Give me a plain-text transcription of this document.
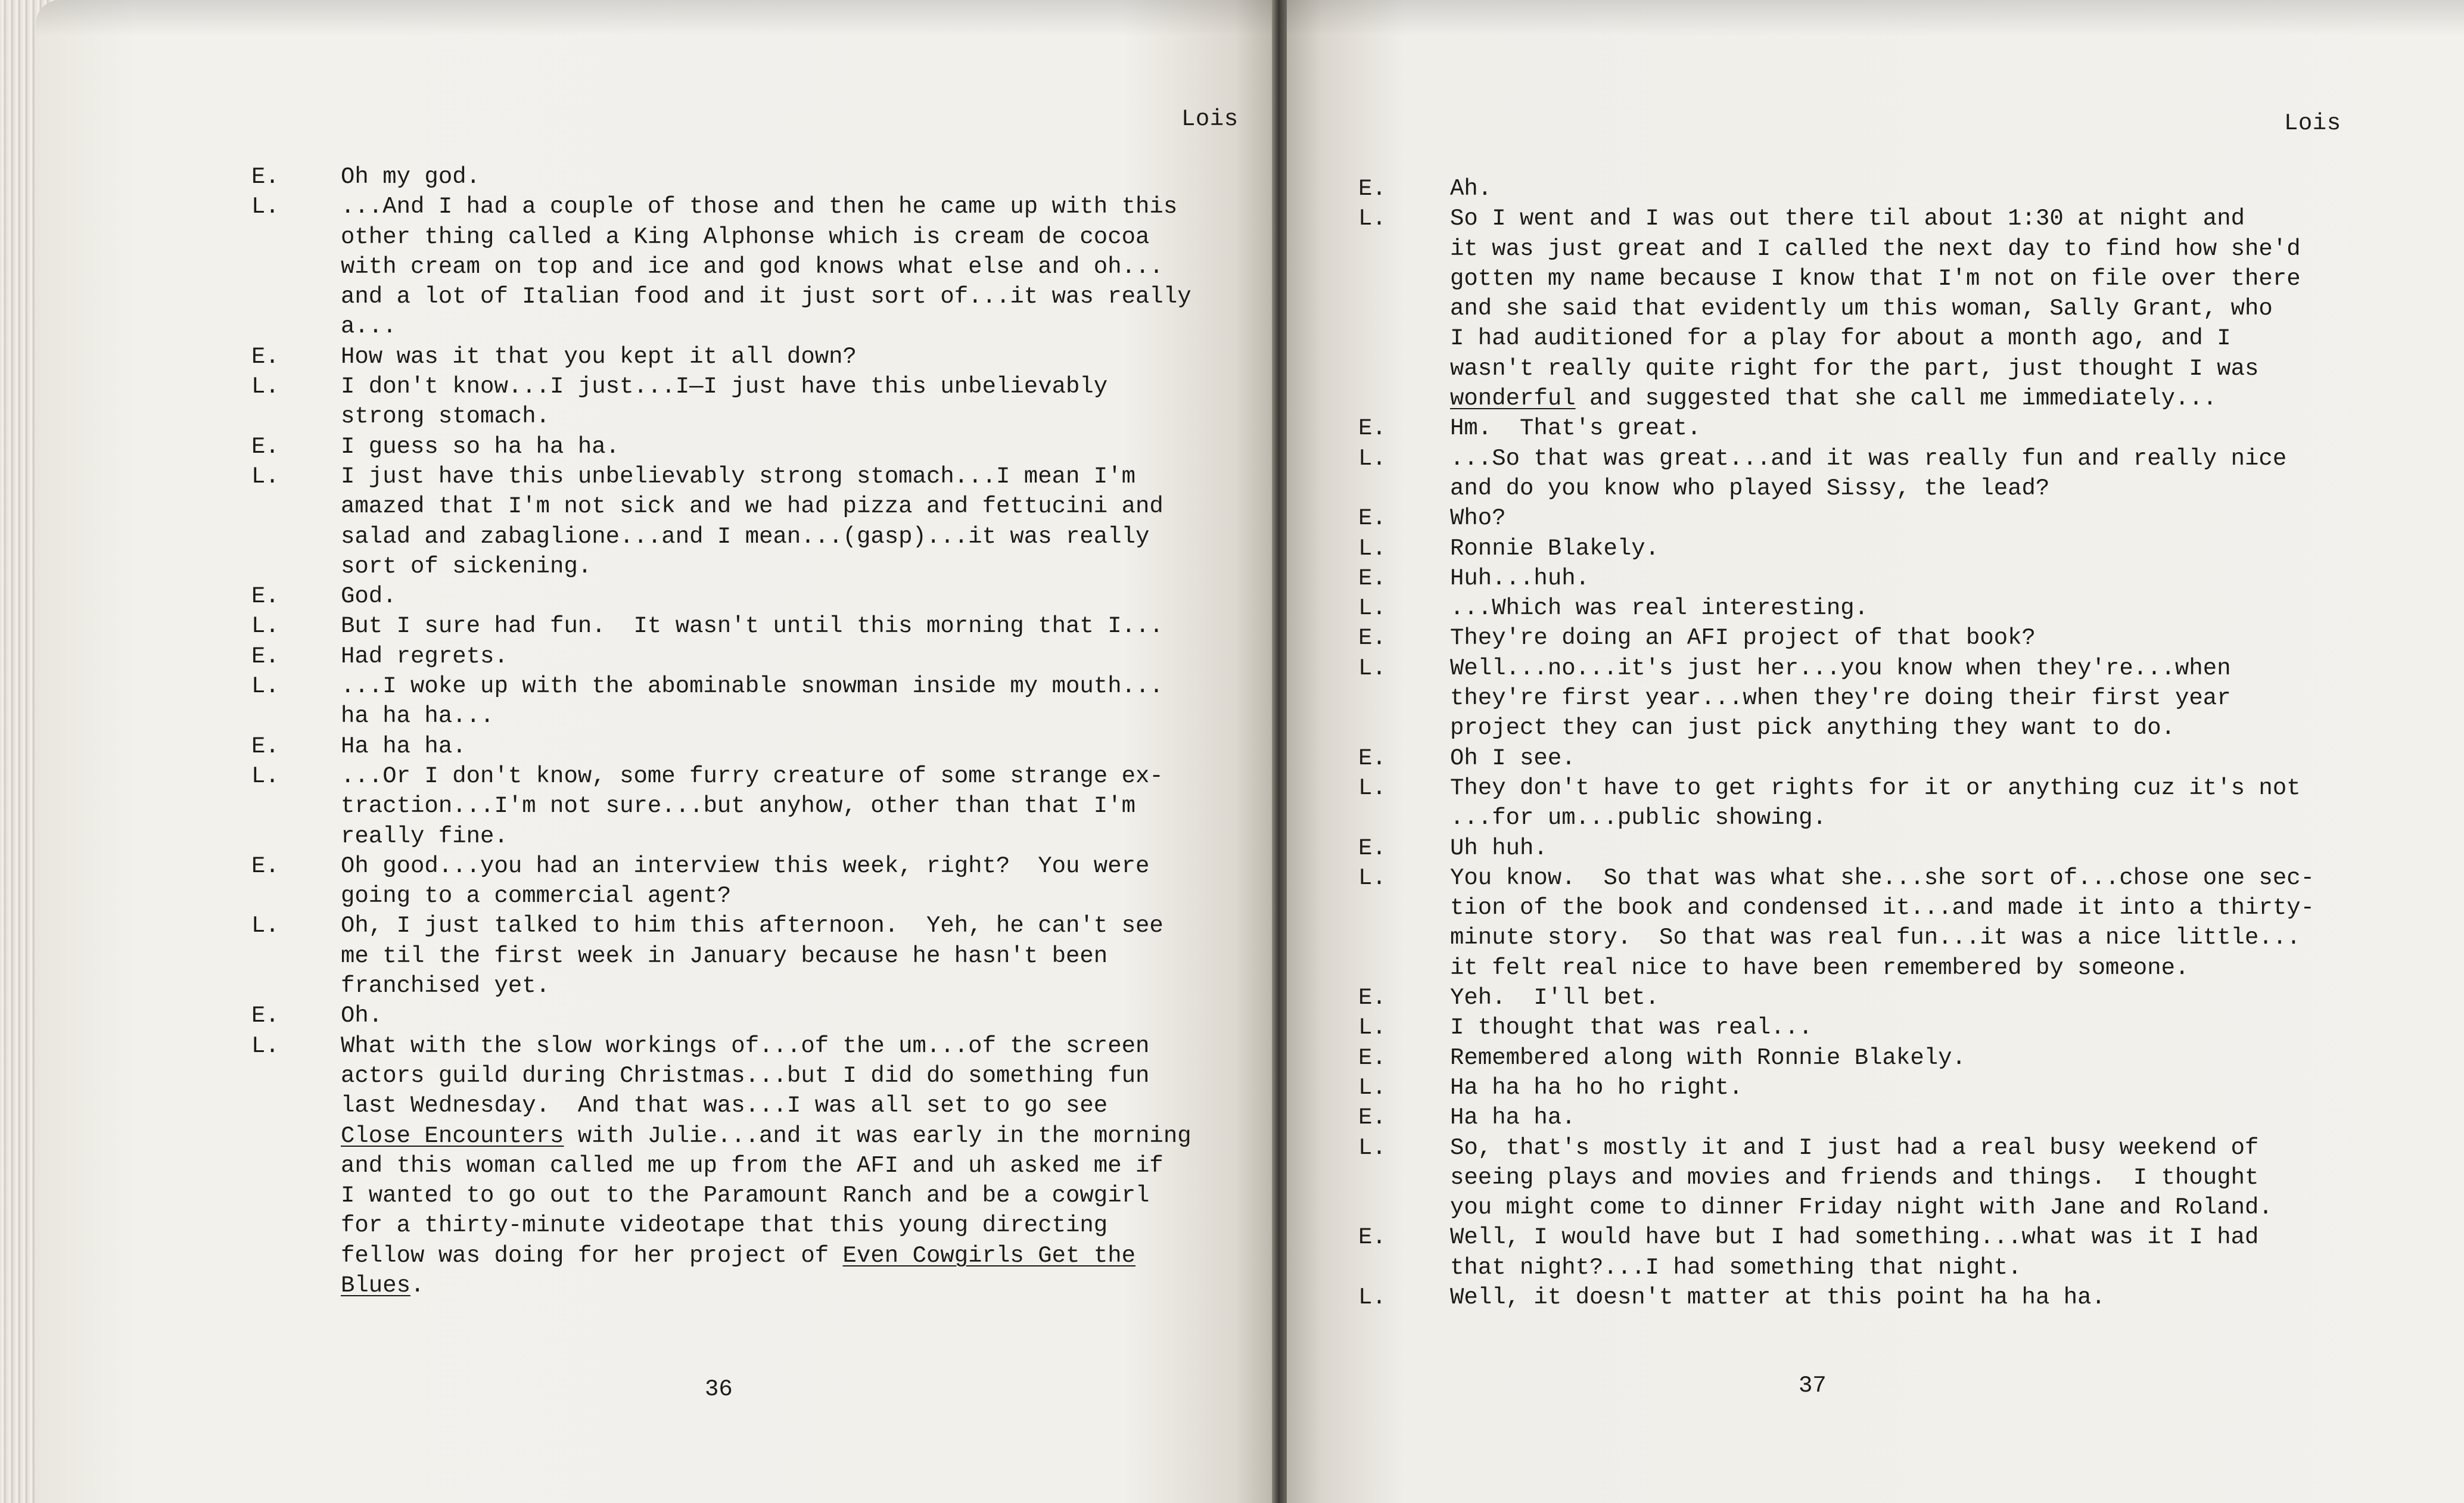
Lois
E.	Oh my god.
L.	...And I had a couple of those and then he came up with this
other thing called a King Alphonse which is cream de cocoa
with cream on top and ice and god knows what else and oh...
and a lot of Italian food and it just sort of...it was really
a...
E.	How was it that you kept it all down?
L.	I don't know...I just...I—I just have this unbelievably
strong stomach.
E.	I guess so ha ha ha.
L.	I just have this unbelievably strong stomach...I mean I'm
amazed that I'm not sick and we had pizza and fettucini and
salad and zabaglione...and I mean...(gasp)...it was really
sort of sickening.
E.	God.
L.	But I sure had fun.  It wasn't until this morning that I...
E.	Had regrets.
L.	...I woke up with the abominable snowman inside my mouth...
ha ha ha...
E.	Ha ha ha.
L.	...Or I don't know, some furry creature of some strange ex-
traction...I'm not sure...but anyhow, other than that I'm
really fine.
E.	Oh good...you had an interview this week, right?  You were
going to a commercial agent?
L.	Oh, I just talked to him this afternoon.  Yeh, he can't see
me til the first week in January because he hasn't been
franchised yet.
E.	Oh.
L.	What with the slow workings of...of the um...of the screen
actors guild during Christmas...but I did do something fun
last Wednesday.  And that was...I was all set to go see
Close Encounters with Julie...and it was early in the morning
and this woman called me up from the AFI and uh asked me if
I wanted to go out to the Paramount Ranch and be a cowgirl
for a thirty-minute videotape that this young directing
fellow was doing for her project of Even Cowgirls Get the
Blues.
36
Lois
E.	Ah.
L.	So I went and I was out there til about 1:30 at night and
it was just great and I called the next day to find how she'd
gotten my name because I know that I'm not on file over there
and she said that evidently um this woman, Sally Grant, who
I had auditioned for a play for about a month ago, and I
wasn't really quite right for the part, just thought I was
wonderful and suggested that she call me immediately...
E.	Hm.  That's great.
L.	...So that was great...and it was really fun and really nice
and do you know who played Sissy, the lead?
E.	Who?
L.	Ronnie Blakely.
E.	Huh...huh.
L.	...Which was real interesting.
E.	They're doing an AFI project of that book?
L.	Well...no...it's just her...you know when they're...when
they're first year...when they're doing their first year
project they can just pick anything they want to do.
E.	Oh I see.
L.	They don't have to get rights for it or anything cuz it's not
...for um...public showing.
E.	Uh huh.
L.	You know.  So that was what she...she sort of...chose one sec-
tion of the book and condensed it...and made it into a thirty-
minute story.  So that was real fun...it was a nice little...
it felt real nice to have been remembered by someone.
E.	Yeh.  I'll bet.
L.	I thought that was real...
E.	Remembered along with Ronnie Blakely.
L.	Ha ha ha ho ho right.
E.	Ha ha ha.
L.	So, that's mostly it and I just had a real busy weekend of
seeing plays and movies and friends and things.  I thought
you might come to dinner Friday night with Jane and Roland.
E.	Well, I would have but I had something...what was it I had
that night?...I had something that night.
L.	Well, it doesn't matter at this point ha ha ha.
37
